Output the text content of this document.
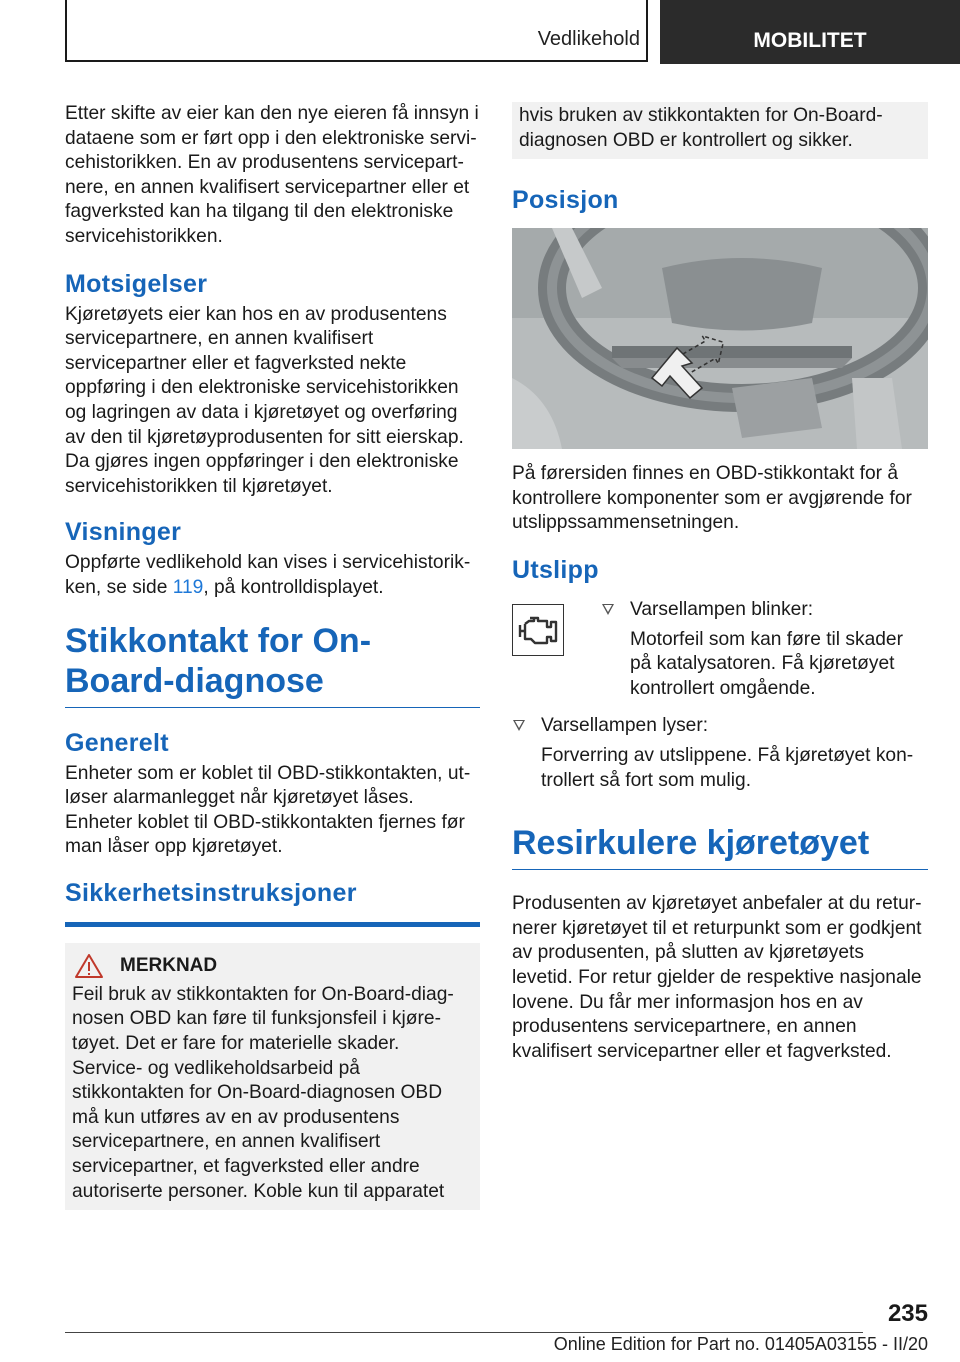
Vedlikehold	MOBILITET

Etter skifte av eier kan den nye eieren få innsyn i dataene som er ført opp i den elektroniske servicehistorikken. En av produsentens servicepartnere, en annen kvalifisert servicepartner eller et fagverksted kan ha tilgang til den elektroniske servicehistorikken.

Motsigelser

Kjøretøyets eier kan hos en av produsentens servicepartnere, en annen kvalifisert servicepartner eller et fagverksted nekte oppføring i den elektroniske servicehistorikken og lagringen av data i kjøretøyet og overføring av den til kjøretøyprodusenten for sitt eierskap. Da gjøres ingen oppføringer i den elektroniske servicehistorikken til kjøretøyet.

Visninger

Oppførte vedlikehold kan vises i servicehistorikken, se side 119, på kontrolldisplayet.

Stikkontakt for On-Board-diagnose
Generelt

Enheter som er koblet til OBD-stikkontakten, utløser alarmanlegget når kjøretøyet låses. Enheter koblet til OBD-stikkontakten fjernes før man låser opp kjøretøyet.

Sikkerhetsinstruksjoner
MERKNAD

Feil bruk av stikkontakten for On-Board-diagnosen OBD kan føre til funksjonsfeil i kjøretøyet. Det er fare for materielle skader. Service- og vedlikeholdsarbeid på stikkontakten for On-Board-diagnosen OBD må kun utføres av en av produsentens servicepartnere, en annen kvalifisert servicepartner, et fagverksted eller andre autoriserte personer. Koble kun til apparatet

hvis bruken av stikkontakten for On-Board-diagnosen OBD er kontrollert og sikker.

Posisjon

På førersiden finnes en OBD-stikkontakt for å kontrollere komponenter som er avgjørende for utslippssammensetningen.

Utslipp

Varsellampen blinker:

Motorfeil som kan føre til skader på katalysatoren. Få kjøretøyet kontrollert omgående.

Varsellampen lyser:

Forverring av utslippene. Få kjøretøyet kontrollert så fort som mulig.

Resirkulere kjøretøyet

Produsenten av kjøretøyet anbefaler at du returnerer kjøretøyet til et returpunkt som er godkjent av produsenten, på slutten av kjøretøyets levetid. For retur gjelder de respektive nasjonale lovene. Du får mer informasjon hos en av produsentens servicepartnere, en annen kvalifisert servicepartner eller et fagverksted.

235
Online Edition for Part no. 01405A03155 - II/20
